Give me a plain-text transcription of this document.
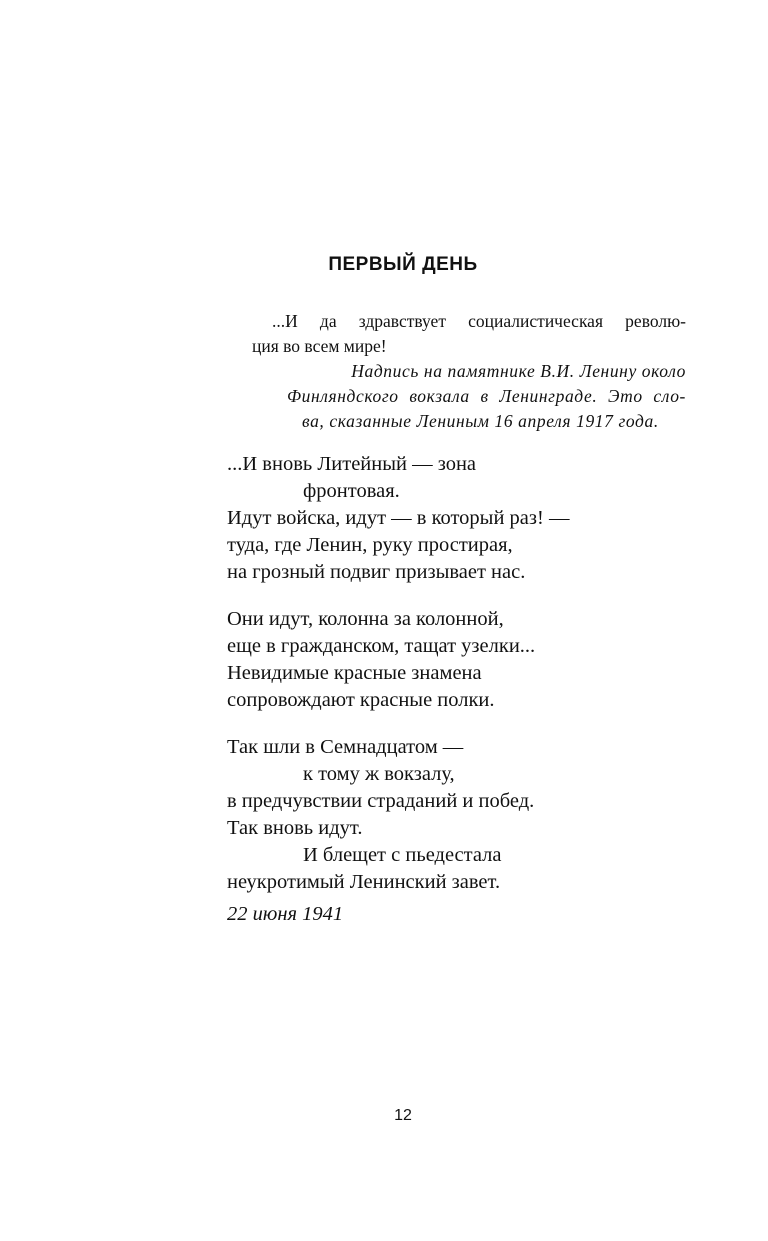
ПЕРВЫЙ ДЕНЬ
...И да здравствует социалистическая револю-
ция во всем мире!
Надпись на памятнике В.И. Ленину около
Финляндского вокзала в Ленинграде. Это сло-
ва, сказанные Лениным 16 апреля 1917 года.
...И вновь Литейный — зона
фронтовая.
Идут войска, идут — в который раз! —
туда, где Ленин, руку простирая,
на грозный подвиг призывает нас.
Они идут, колонна за колонной,
еще в гражданском, тащат узелки...
Невидимые красные знамена
сопровождают красные полки.
Так шли в Семнадцатом —
к тому ж вокзалу,
в предчувствии страданий и побед.
Так вновь идут.
И блещет с пьедестала
неукротимый Ленинский завет.
22 июня 1941
12
